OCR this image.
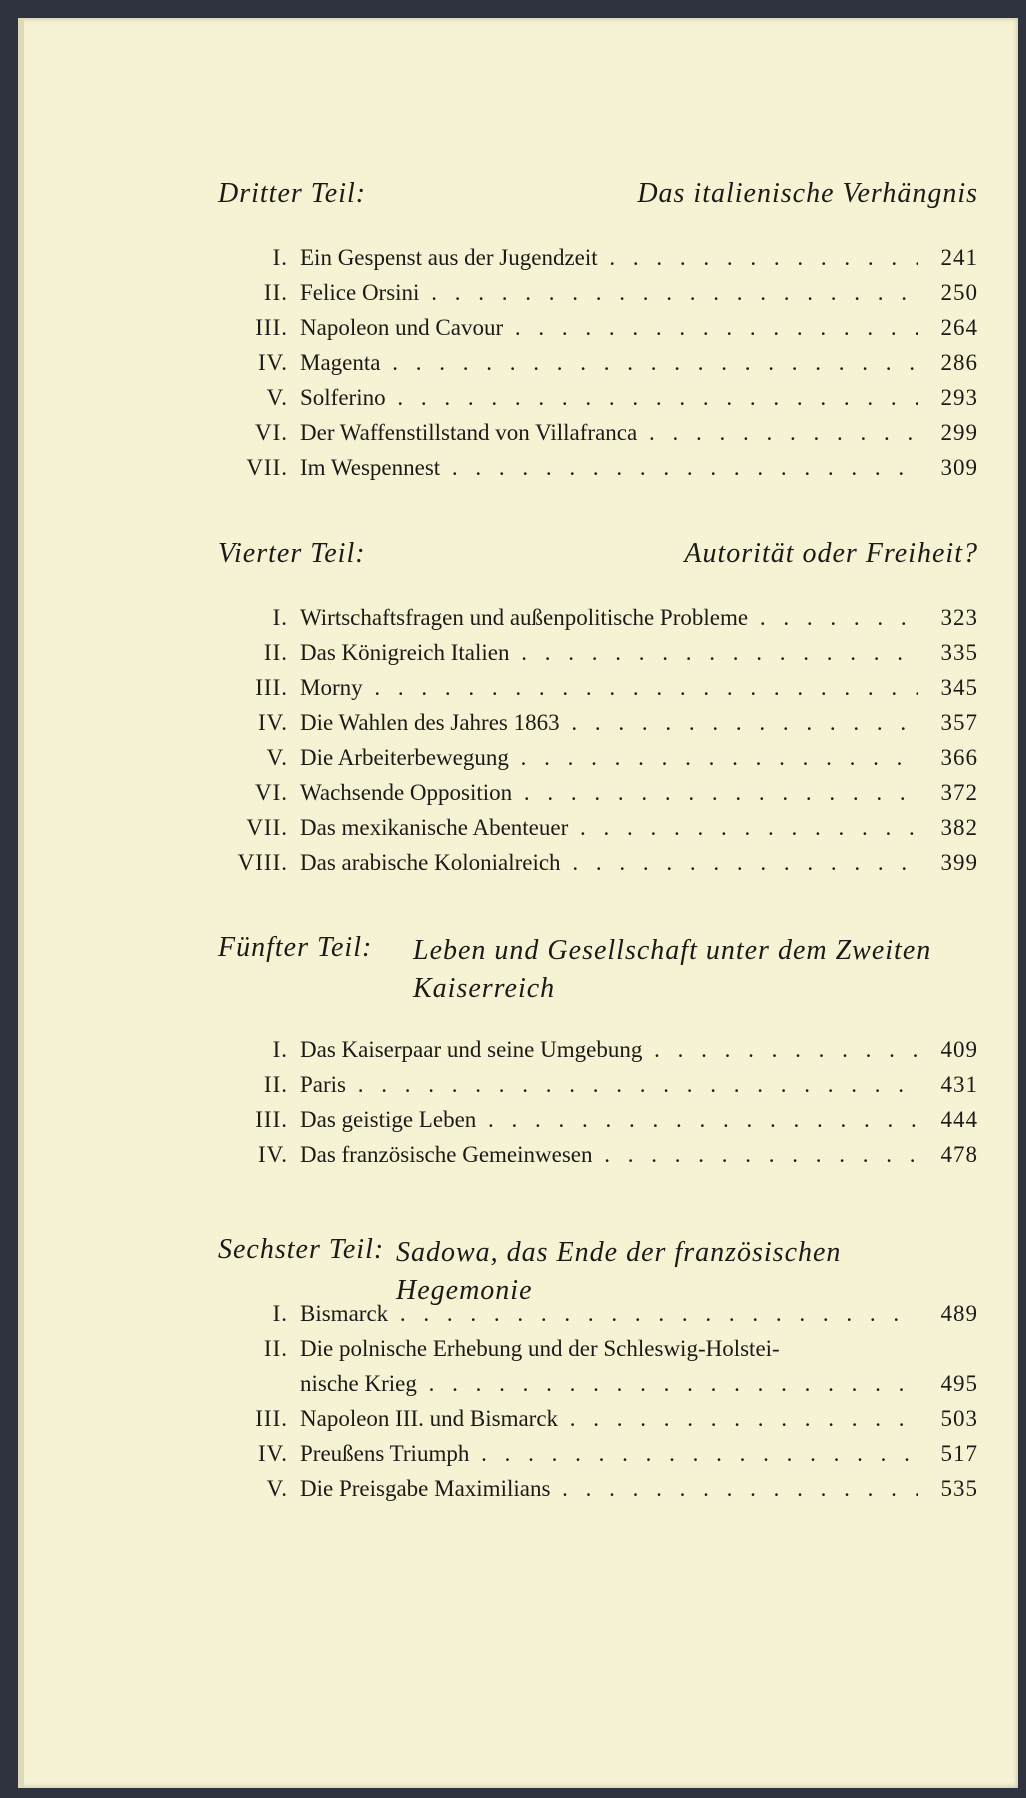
Dritter Teil:	Das italienische Verhängnis
I. Ein Gespenst aus der Jugendzeit . . .	241
II. Felice Orsini . . .	250
III. Napoleon und Cavour . . .	264
IV. Magenta . . .	286
V. Solferino . . .	293
VI. Der Waffenstillstand von Villafranca . . .	299
VII. Im Wespennest . . .	309
Vierter Teil:	Autorität oder Freiheit?
I. Wirtschaftsfragen und außenpolitische Probleme . . .	323
II. Das Königreich Italien . . .	335
III. Morny . . .	345
IV. Die Wahlen des Jahres 1863 . . .	357
V. Die Arbeiterbewegung . . .	366
VI. Wachsende Opposition . . .	372
VII. Das mexikanische Abenteuer . . .	382
VIII. Das arabische Kolonialreich . . .	399
Fünfter Teil: Leben und Gesellschaft unter dem Zweiten Kaiserreich
I. Das Kaiserpaar und seine Umgebung . . .	409
II. Paris . . .	431
III. Das geistige Leben . . .	444
IV. Das französische Gemeinwesen . . .	478
Sechster Teil: Sadowa, das Ende der französischen Hegemonie
I. Bismarck . . .	489
II. Die polnische Erhebung und der Schleswig-Holstei-
nische Krieg . . .	495
III. Napoleon III. und Bismarck . . .	503
IV. Preußens Triumph . . .	517
V. Die Preisgabe Maximilians . . .	535
